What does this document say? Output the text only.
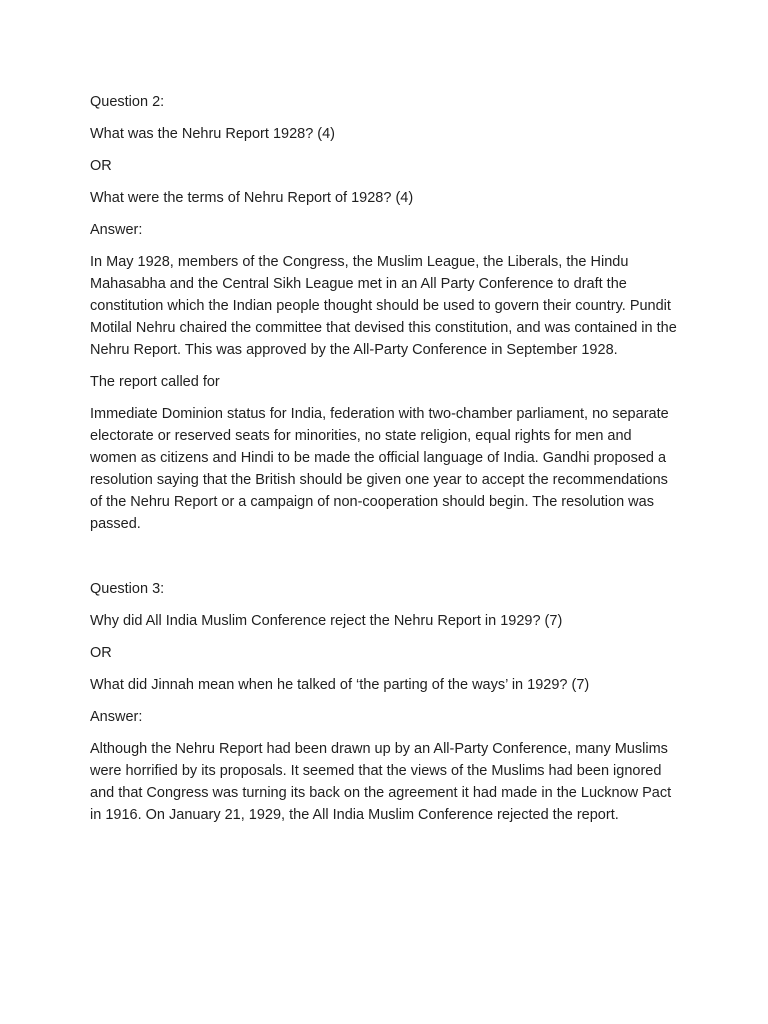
Question 2:

What was the Nehru Report 1928? (4)

OR

What were the terms of Nehru Report of 1928? (4)

Answer:

In May 1928, members of the Congress, the Muslim League, the Liberals, the Hindu Mahasabha and the Central Sikh League met in an All Party Conference to draft the constitution which the Indian people thought should be used to govern their country. Pundit Motilal Nehru chaired the committee that devised this constitution, and was contained in the Nehru Report. This was approved by the All-Party Conference in September 1928.

The report called for

Immediate Dominion status for India, federation with two-chamber parliament, no separate electorate or reserved seats for minorities, no state religion, equal rights for men and women as citizens and Hindi to be made the official language of India. Gandhi proposed a resolution saying that the British should be given one year to accept the recommendations of the Nehru Report or a campaign of non-cooperation should begin. The resolution was passed.

Question 3:

Why did All India Muslim Conference reject the Nehru Report in 1929? (7)

OR

What did Jinnah mean when he talked of ‘the parting of the ways’ in 1929? (7)

Answer:

Although the Nehru Report had been drawn up by an All-Party Conference, many Muslims were horrified by its proposals. It seemed that the views of the Muslims had been ignored and that Congress was turning its back on the agreement it had made in the Lucknow Pact in 1916. On January 21, 1929, the All India Muslim Conference rejected the report.
